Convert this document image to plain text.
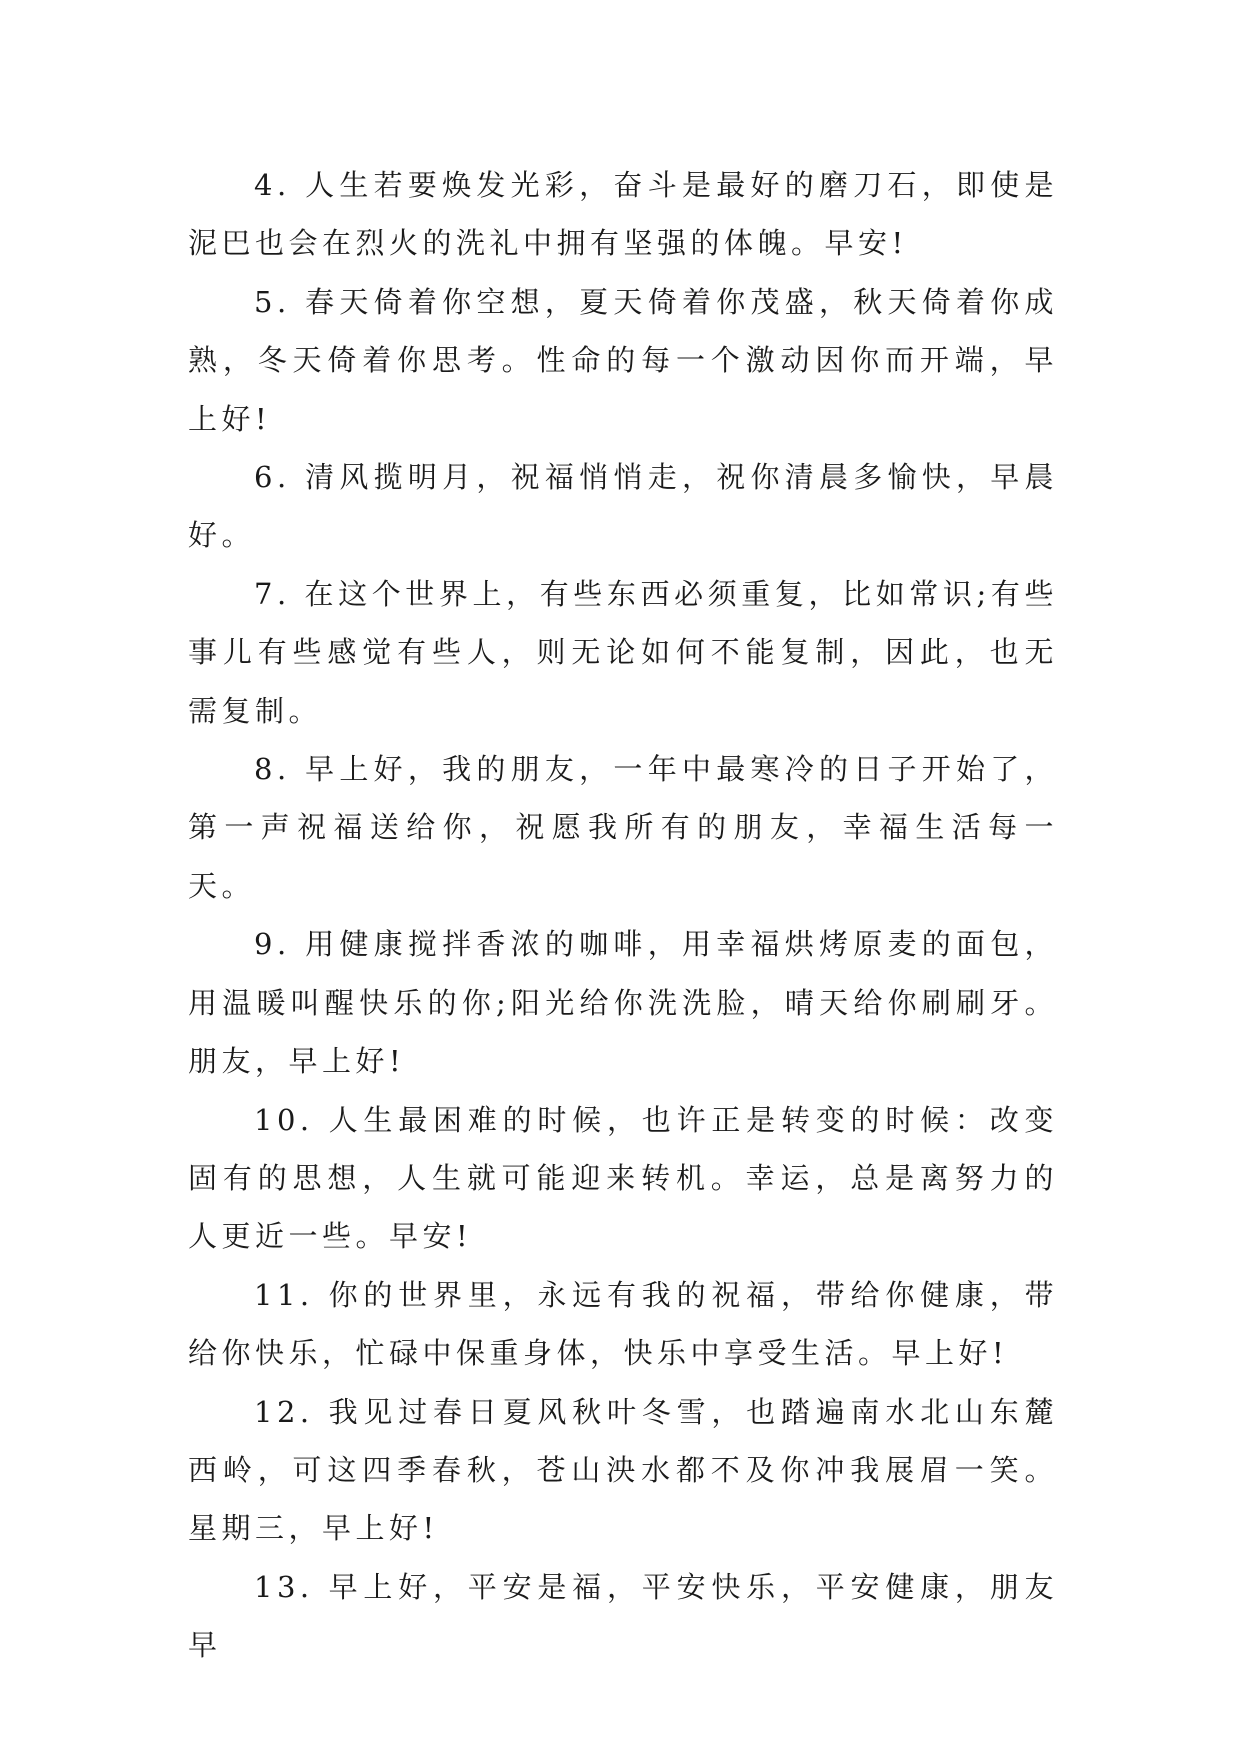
4. 人生若要焕发光彩，奋斗是最好的磨刀石，即使是泥巴也会在烈火的洗礼中拥有坚强的体魄。早安!

5. 春天倚着你空想，夏天倚着你茂盛，秋天倚着你成熟，冬天倚着你思考。性命的每一个激动因你而开端，早上好!

6. 清风揽明月，祝福悄悄走，祝你清晨多愉快，早晨好。

7. 在这个世界上，有些东西必须重复，比如常识;有些事儿有些感觉有些人，则无论如何不能复制，因此，也无需复制。

8. 早上好，我的朋友，一年中最寒冷的日子开始了，第一声祝福送给你，祝愿我所有的朋友，幸福生活每一天。

9. 用健康搅拌香浓的咖啡，用幸福烘烤原麦的面包，用温暖叫醒快乐的你;阳光给你洗洗脸，晴天给你刷刷牙。朋友，早上好!

10. 人生最困难的时候，也许正是转变的时候：改变固有的思想，人生就可能迎来转机。幸运，总是离努力的人更近一些。早安!

11. 你的世界里，永远有我的祝福，带给你健康，带给你快乐，忙碌中保重身体，快乐中享受生活。早上好!

12. 我见过春日夏风秋叶冬雪，也踏遍南水北山东麓西岭，可这四季春秋，苍山泱水都不及你冲我展眉一笑。星期三，早上好!

13. 早上好，平安是福，平安快乐，平安健康，朋友早
